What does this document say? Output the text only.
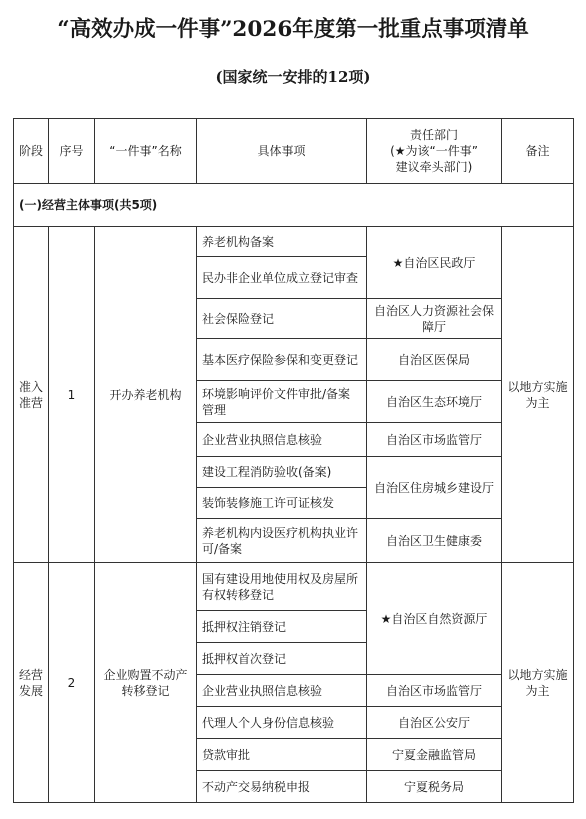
“高效办成一件事”2026年度第一批重点事项清单
(国家统一安排的12项)
阶段	序号	“一件事”名称	具体事项	责任部门
(★为该“一件事”
建议牵头部门)	备注
(一)经营主体事项(共5项)					
准入准营	1	开办养老机构	养老机构备案	★自治区民政厅	以地方实施为主
			民办非企业单位成立登记审查		
			社会保险登记	自治区人力资源社会保障厅	
			基本医疗保险参保和变更登记	自治区医保局	
			环境影响评价文件审批/备案管理	自治区生态环境厅	
			企业营业执照信息核验	自治区市场监管厅	
			建设工程消防验收(备案)	自治区住房城乡建设厅	
			装饰装修施工许可证核发		
			养老机构内设医疗机构执业许可/备案	自治区卫生健康委	
经营发展	2	企业购置不动产转移登记	国有建设用地使用权及房屋所有权转移登记	★自治区自然资源厅	以地方实施为主
			抵押权注销登记		
			抵押权首次登记		
			企业营业执照信息核验	自治区市场监管厅	
			代理人个人身份信息核验	自治区公安厅	
			贷款审批	宁夏金融监管局	
			不动产交易纳税申报	宁夏税务局	
